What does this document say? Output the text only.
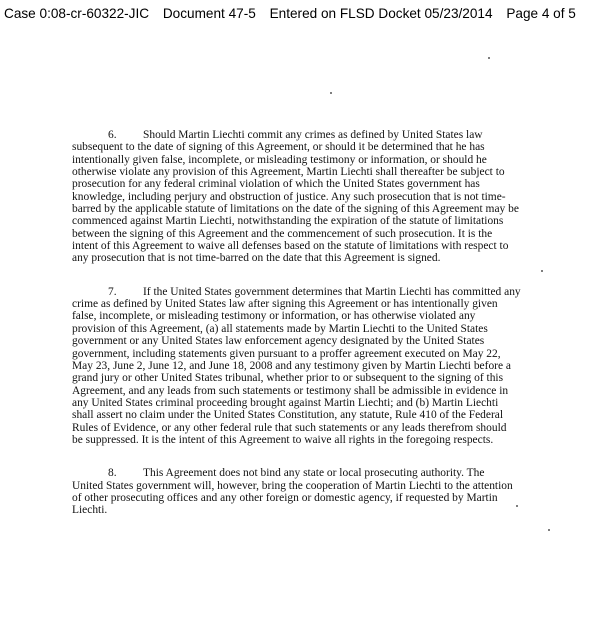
Case 0:08-cr-60322-JIC Document 47-5 Entered on FLSD Docket 05/23/2014 Page 4 of 5
6. Should Martin Liechti commit any crimes as defined by United States law
subsequent to the date of signing of this Agreement, or should it be determined that he has
intentionally given false, incomplete, or misleading testimony or information, or should he
otherwise violate any provision of this Agreement, Martin Liechti shall thereafter be subject to
prosecution for any federal criminal violation of which the United States government has
knowledge, including perjury and obstruction of justice. Any such prosecution that is not time-
barred by the applicable statute of limitations on the date of the signing of this Agreement may be
commenced against Martin Liechti, notwithstanding the expiration of the statute of limitations
between the signing of this Agreement and the commencement of such prosecution. It is the
intent of this Agreement to waive all defenses based on the statute of limitations with respect to
any prosecution that is not time-barred on the date that this Agreement is signed.
7. If the United States government determines that Martin Liechti has committed any
crime as defined by United States law after signing this Agreement or has intentionally given
false, incomplete, or misleading testimony or information, or has otherwise violated any
provision of this Agreement, (a) all statements made by Martin Liechti to the United States
government or any United States law enforcement agency designated by the United States
government, including statements given pursuant to a proffer agreement executed on May 22,
May 23, June 2, June 12, and June 18, 2008 and any testimony given by Martin Liechti before a
grand jury or other United States tribunal, whether prior to or subsequent to the signing of this
Agreement, and any leads from such statements or testimony shall be admissible in evidence in
any United States criminal proceeding brought against Martin Liechti; and (b) Martin Liechti
shall assert no claim under the United States Constitution, any statute, Rule 410 of the Federal
Rules of Evidence, or any other federal rule that such statements or any leads therefrom should
be suppressed. It is the intent of this Agreement to waive all rights in the foregoing respects.
8. This Agreement does not bind any state or local prosecuting authority. The
United States government will, however, bring the cooperation of Martin Liechti to the attention
of other prosecuting offices and any other foreign or domestic agency, if requested by Martin
Liechti.
